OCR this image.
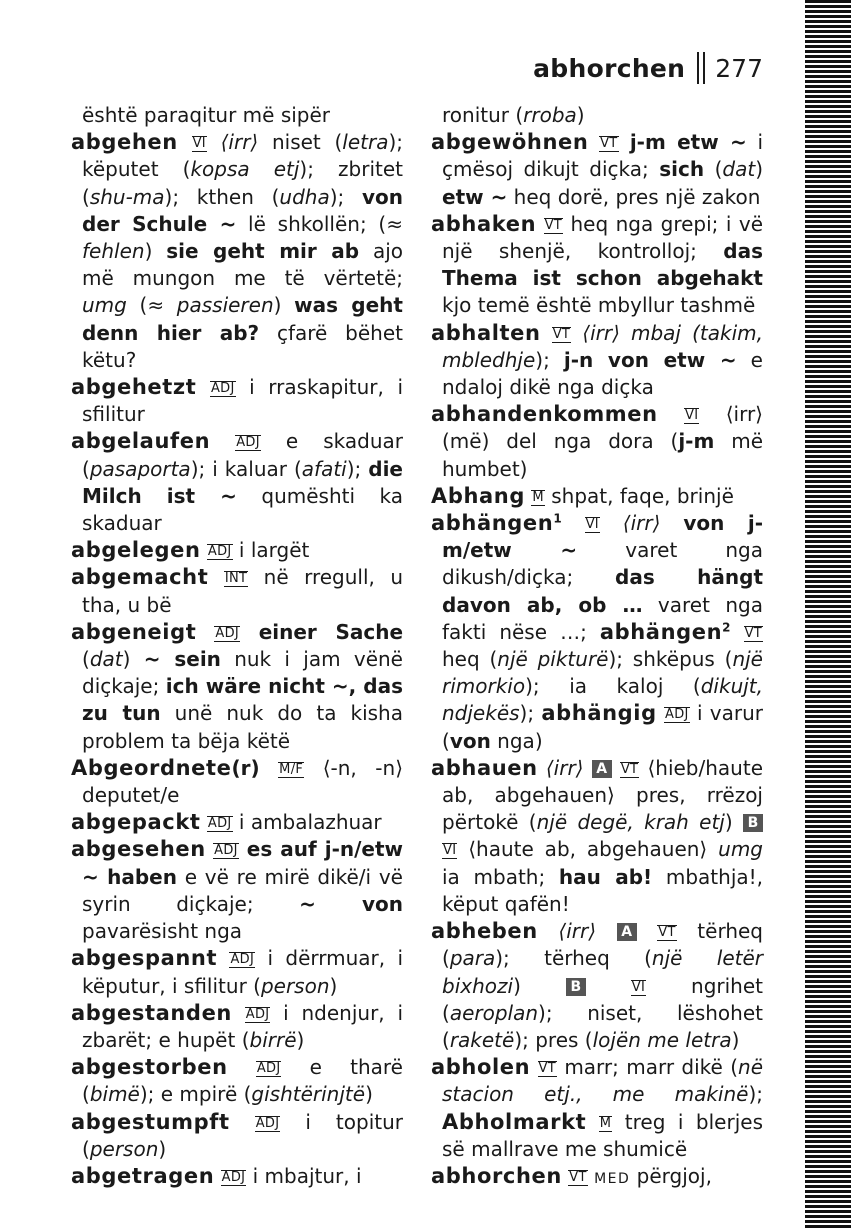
abhorchen 277
është paraqitur më sipër
abgehen VI ⟨irr⟩ niset (letra); këputet (kopsa etj); zbritet (shu-ma); kthen (udha); von der Schule ~ lë shkollën; (≈ fehlen) sie geht mir ab ajo më mungon me të vërtetë; umg (≈ passieren) was geht denn hier ab? çfarë bëhet këtu?
abgehetzt ADJ i rraskapitur, i sfilitur
abgelaufen ADJ e skaduar (pasaporta); i kaluar (afati); die Milch ist ~ qumështi ka skaduar
abgelegen ADJ i largët
abgemacht INT në rregull, u tha, u bë
abgeneigt ADJ einer Sache (dat) ~ sein nuk i jam vënë diçkaje; ich wäre nicht ~, das zu tun unë nuk do ta kisha problem ta bëja këtë
Abgeordnete(r) M/F ⟨-n, -n⟩ deputet/e
abgepackt ADJ i ambalazhuar
abgesehen ADJ es auf j-n/etw ~ haben e vë re mirë dikë/i vë syrin diçkaje; ~ von pavarësisht nga
abgespannt ADJ i dërrmuar, i këputur, i sfilitur (person)
abgestanden ADJ i ndenjur, i zbarët; e hupët (birrë)
abgestorben ADJ e tharë (bimë); e mpirë (gishtërinjtë)
abgestumpft ADJ i topitur (person)
abgetragen ADJ i mbajtur, i
ronitur (rroba)
abgewöhnen VT j-m etw ~ i çmësoj dikujt diçka; sich (dat) etw ~ heq dorë, pres një zakon
abhaken VT heq nga grepi; i vë një shenjë, kontrolloj; das Thema ist schon abgehakt kjo temë është mbyllur tashmë
abhalten VT ⟨irr⟩ mbaj (takim, mbledhje); j-n von etw ~ e ndaloj dikë nga diçka
abhandenkommen VI ⟨irr⟩ (më) del nga dora (j-m më humbet)
Abhang M shpat, faqe, brinjë
abhängen$^1$ VI ⟨irr⟩ von j-m/etw ~ varet nga dikush/diçka; das hängt davon ab, ob … varet nga fakti nëse …; abhängen$^2$ VT heq (një pikturë); shkëpus (një rimorkio); ia kaloj (dikujt, ndjekës); abhängig ADJ i varur (von nga)
abhauen ⟨irr⟩ A VT ⟨hieb/haute ab, abgehauen⟩ pres, rrëzoj përtokë (një degë, krah etj) B VI ⟨haute ab, abgehauen⟩ umg ia mbath; hau ab! mbathja!, këput qafën!
abheben ⟨irr⟩ A VT tërheq (para); tërheq (një letër bixhozi) B	VI ngrihet (aeroplan); niset, lëshohet (raketë); pres (lojën me letra)
abholen VT marr; marr dikë (në stacion etj., me makinë); Abholmarkt M treg i blerjes së mallrave me shumicë
abhorchen VT MED përgjoj,
